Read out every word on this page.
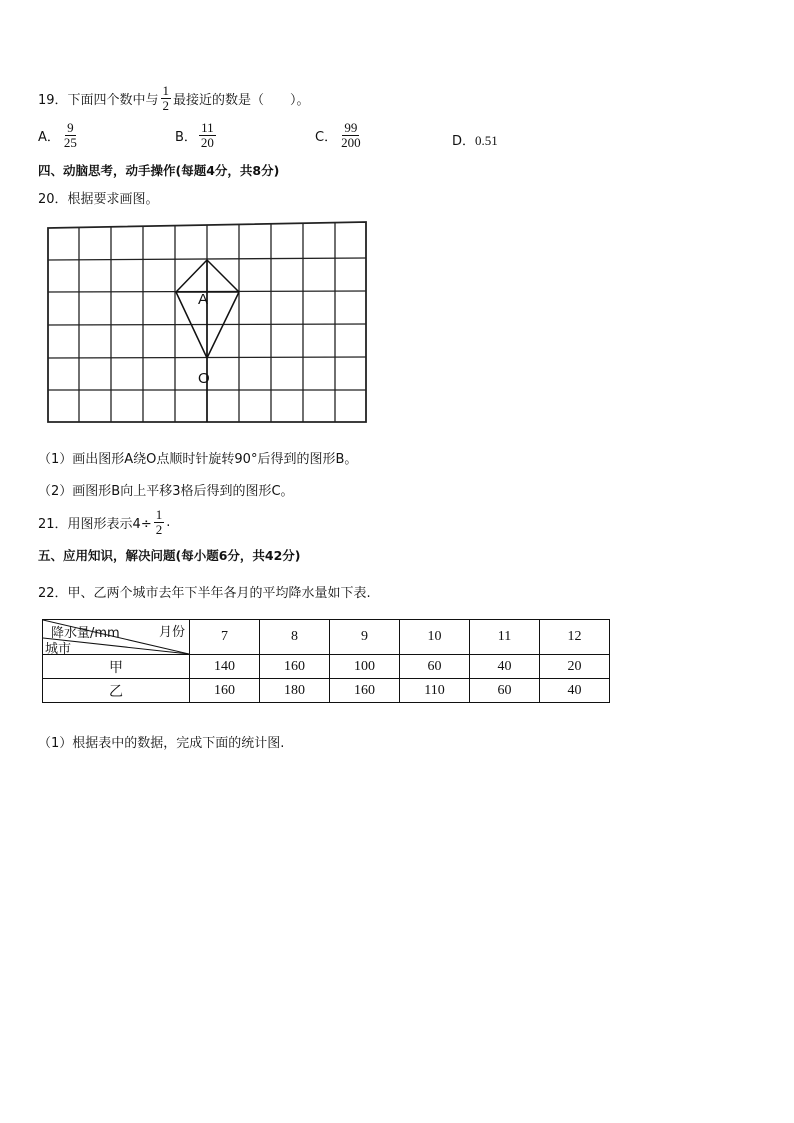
19．下面四个数中与 $\frac{1}{2}$ 最接近的数是（　　）。
A． $\frac{9}{25}$	B． $\frac{11}{20}$	C． $\frac{99}{200}$	D．0.51
四、动脑思考，动手操作(每题4分，共8分)
20．根据要求画图。
A
O
（1）画出图形A绕O点顺时针旋转90°后得到的图形B。
（2）画图形B向上平移3格后得到的图形C。
21．用图形表示$4\div \frac{1}{2}$ .
五、应用知识，解决问题(每小题6分，共42分)
22．甲、乙两个城市去年下半年各月的平均降水量如下表.
降水量/mm 月份
城市	7	8	9	10	11	12
甲	140	160	100	60	40	20
乙	160	180	160	110	60	40
（1）根据表中的数据，完成下面的统计图.
